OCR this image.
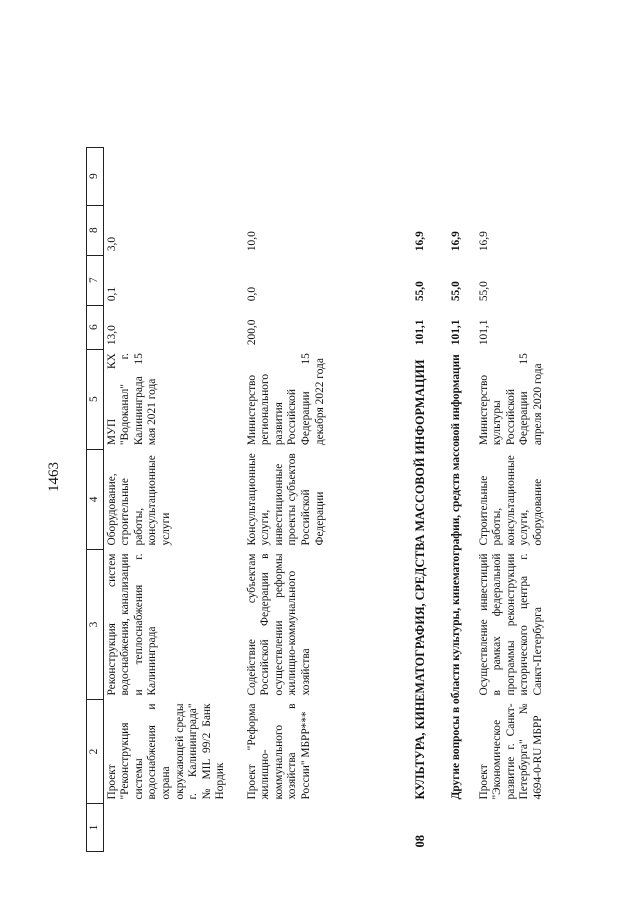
1463
1	2	3	4	5	6	7	8	9
	Проект "Реконструкция системы водоснабжения и охрана окружающей среды г. Калининграда" № MIL 99/2 Банк Нордик	Реконструкция систем водоснабжения, канализации и теплоснабжения г. Калининграда	Оборудование, строительные работы, консультационные услуги	МУП КХ "Водоканал" г. Калининграда 15 мая 2021 года	13,0	0,1	3,0	
	Проект "Реформа жилищно-коммунального хозяйства в России" МБРР***	Содействие субъектам Российской Федерации в осуществлении реформы жилищно-коммунального хозяйства	Консультационные услуги, инвестиционные проекты субъектов Российской Федерации	Министерство регионального развития Российской Федерации 15 декабря 2022 года	200,0	0,0	10,0	
08	КУЛЬТУРА, КИНЕМАТОГРАФИЯ, СРЕДСТВА МАССОВОЙ ИНФОРМАЦИИ				101,1	55,0	16,9	
	Другие вопросы в области культуры, кинематографии, средств массовой информации				101,1	55,0	16,9	
	Проект "Экономическое развитие г. Санкт-Петербурга" № 4694-0-RU МБРР	Осуществление инвестиций в рамках федеральной программы реконструкции исторического центра г. Санкт-Петербурга	Строительные работы, консультационные услуги, оборудование	Министерство культуры Российской Федерации 15 апреля 2020 года	101,1	55,0	16,9	
